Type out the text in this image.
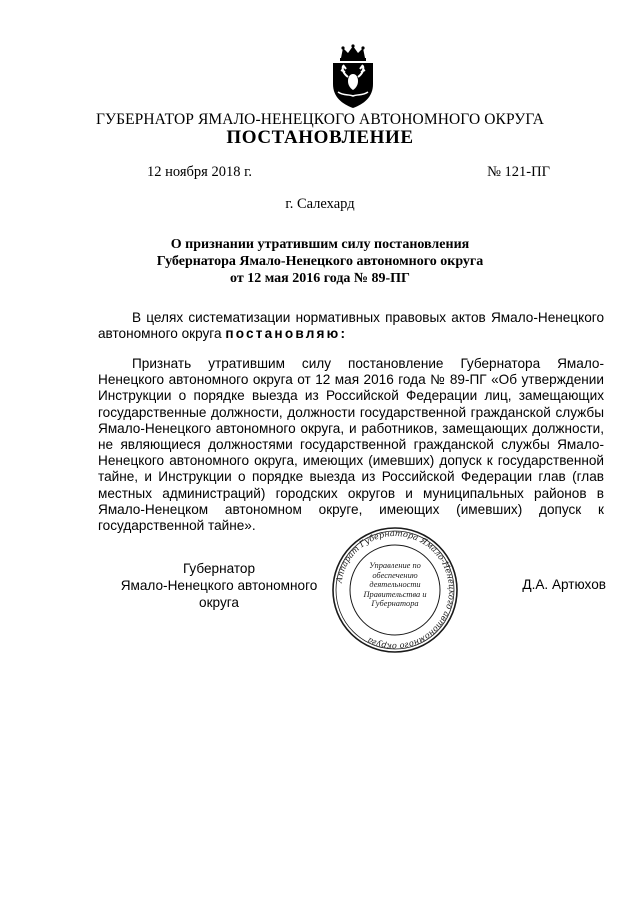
ГУБЕРНАТОР ЯМАЛО-НЕНЕЦКОГО АВТОНОМНОГО ОКРУГА
ПОСТАНОВЛЕНИЕ
12 ноября 2018 г.	№ 121-ПГ
г. Салехард
О признании утратившим силу постановления
Губернатора Ямало-Ненецкого автономного округа
от 12 мая 2016 года № 89-ПГ
В целях систематизации нормативных правовых актов Ямало-Ненецкого автономного округа постановляю:
Признать утратившим силу постановление Губернатора Ямало-Ненецкого автономного округа от 12 мая 2016 года № 89-ПГ «Об утверждении Инструкции о порядке выезда из Российской Федерации лиц, замещающих государственные должности, должности государственной гражданской службы Ямало-Ненецкого автономного округа, и работников, замещающих должности, не являющиеся должностями государственной гражданской службы Ямало-Ненецкого автономного округа, имеющих (имевших) допуск к государственной тайне, и Инструкции о порядке выезда из Российской Федерации глав (глав местных администраций) городских округов и муниципальных районов в Ямало-Ненецком автономном округе, имеющих (имевших) допуск к государственной тайне».
Губернатор
Ямало-Ненецкого автономного округа
Аппарат Губернатора Ямало-Ненецкого автономного округа
Управление по обеспечению деятельности Правительства и Губернатора
Д.А. Артюхов
